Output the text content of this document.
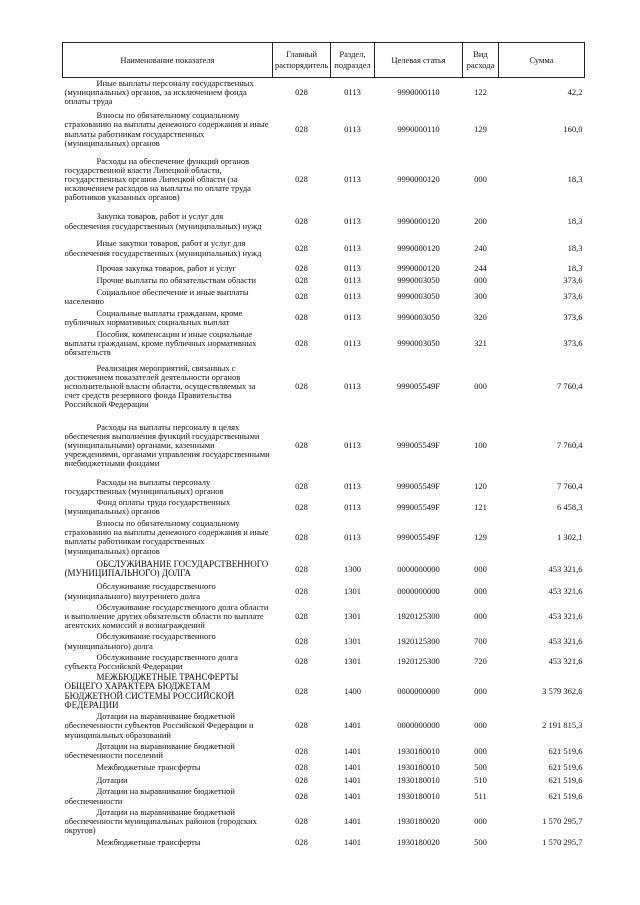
Наименование показателя	Главный распорядитель	Раздел, подраздел	Целевая статья	Вид расхода	Сумма

Иные выплаты персоналу государственных (муниципальных) органов, за исключением фонда оплаты труда	028	0113	9990000110	122	42,2

Взносы по обязательному социальному страхованию на выплаты денежного содержания и иные выплаты работникам государственных (муниципальных) органов	028	0113	9990000110	129	160,0

Расходы на обеспечение функций органов государственной власти Липецкой области, государственных органов Липецкой области (за исключением расходов на выплаты по оплате труда работников указанных органов)	028	0113	9990000120	000	18,3

Закупка товаров, работ и услуг для обеспечения государственных (муниципальных) нужд	028	0113	9990000120	200	18,3

Иные закупки товаров, работ и услуг для обеспечения государственных (муниципальных) нужд	028	0113	9990000120	240	18,3

Прочая закупка товаров, работ и услуг	028	0113	9990000120	244	18,3

Прочие выплаты по обязательствам области	028	0113	9990003050	000	373,6

Социальное обеспечение и иные выплаты населению	028	0113	9990003050	300	373,6

Социальные выплаты гражданам, кроме публичных нормативных социальных выплат	028	0113	9990003050	320	373,6

Пособия, компенсации и иные социальные выплаты гражданам, кроме публичных нормативных обязательств	028	0113	9990003050	321	373,6

Реализация мероприятий, связанных с достижением показателей деятельности органов исполнительной власти области, осуществляемых за счет средств резервного фонда Правительства Российской Федерации	028	0113	999005549F	000	7 760,4

Расходы на выплаты персоналу в целях обеспечения выполнения функций государственными (муниципальными) органами, казенными учреждениями, органами управления государственными внебюджетными фондами	028	0113	999005549F	100	7 760,4

Расходы на выплаты персоналу государственных (муниципальных) органов	028	0113	999005549F	120	7 760,4

Фонд оплаты труда государственных (муниципальных) органов	028	0113	999005549F	121	6 458,3

Взносы по обязательному социальному страхованию на выплаты денежного содержания и иные выплаты работникам государственных (муниципальных) органов	028	0113	999005549F	129	1 302,1

ОБСЛУЖИВАНИЕ ГОСУДАРСТВЕННОГО (МУНИЦИПАЛЬНОГО) ДОЛГА	028	1300	0000000000	000	453 321,6

Обслуживание государственного (муниципального) внутреннего долга	028	1301	0000000000	000	453 321,6

Обслуживание государственного долга области и выполнение других обязательств области по выплате агентских комиссий и вознаграждений	028	1301	1920125300	000	453 321,6

Обслуживание государственного (муниципального) долга	028	1301	1920125300	700	453 321,6

Обслуживание государственного долга субъекта Российской Федерации	028	1301	1920125300	720	453 321,6

МЕЖБЮДЖЕТНЫЕ ТРАНСФЕРТЫ ОБЩЕГО ХАРАКТЕРА БЮДЖЕТАМ БЮДЖЕТНОЙ СИСТЕМЫ РОССИЙСКОЙ ФЕДЕРАЦИИ	028	1400	0000000000	000	3 579 362,6

Дотации на выравнивание бюджетной обеспеченности субъектов Российской Федерации и муниципальных образований	028	1401	0000000000	000	2 191 815,3

Дотации на выравнивание бюджетной обеспеченности поселений	028	1401	1930180010	000	621 519,6

Межбюджетные трансферты	028	1401	1930180010	500	621 519,6

Дотации	028	1401	1930180010	510	621 519,6

Дотации на выравнивание бюджетной обеспеченности	028	1401	1930180010	511	621 519,6

Дотации на выравнивание бюджетной обеспеченности муниципальных районов (городских округов)	028	1401	1930180020	000	1 570 295,7

Межбюджетные трансферты	028	1401	1930180020	500	1 570 295,7
